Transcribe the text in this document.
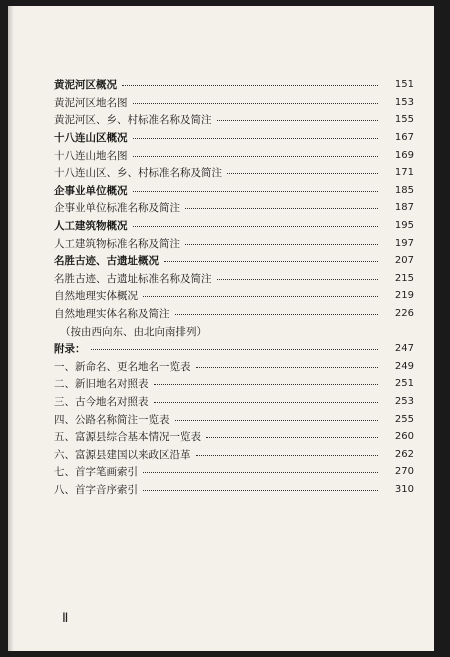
黄泥河区概况	151
黄泥河区地名图	153
黄泥河区、乡、村标准名称及简注	155
十八连山区概况	167
十八连山地名图	169
十八连山区、乡、村标准名称及简注	171
企事业单位概况	185
企事业单位标准名称及简注	187
人工建筑物概况	195
人工建筑物标准名称及简注	197
名胜古迹、古遗址概况	207
名胜古迹、古遗址标准名称及简注	215
自然地理实体概况	219
自然地理实体名称及简注	226
（按由西向东、由北向南排列）
附录：	247
一、新命名、更名地名一览表	249
二、新旧地名对照表	251
三、古今地名对照表	253
四、公路名称简注一览表	255
五、富源县综合基本情况一览表	260
六、富源县建国以来政区沿革	262
七、首字笔画索引	270
八、首字音序索引	310
Ⅱ
